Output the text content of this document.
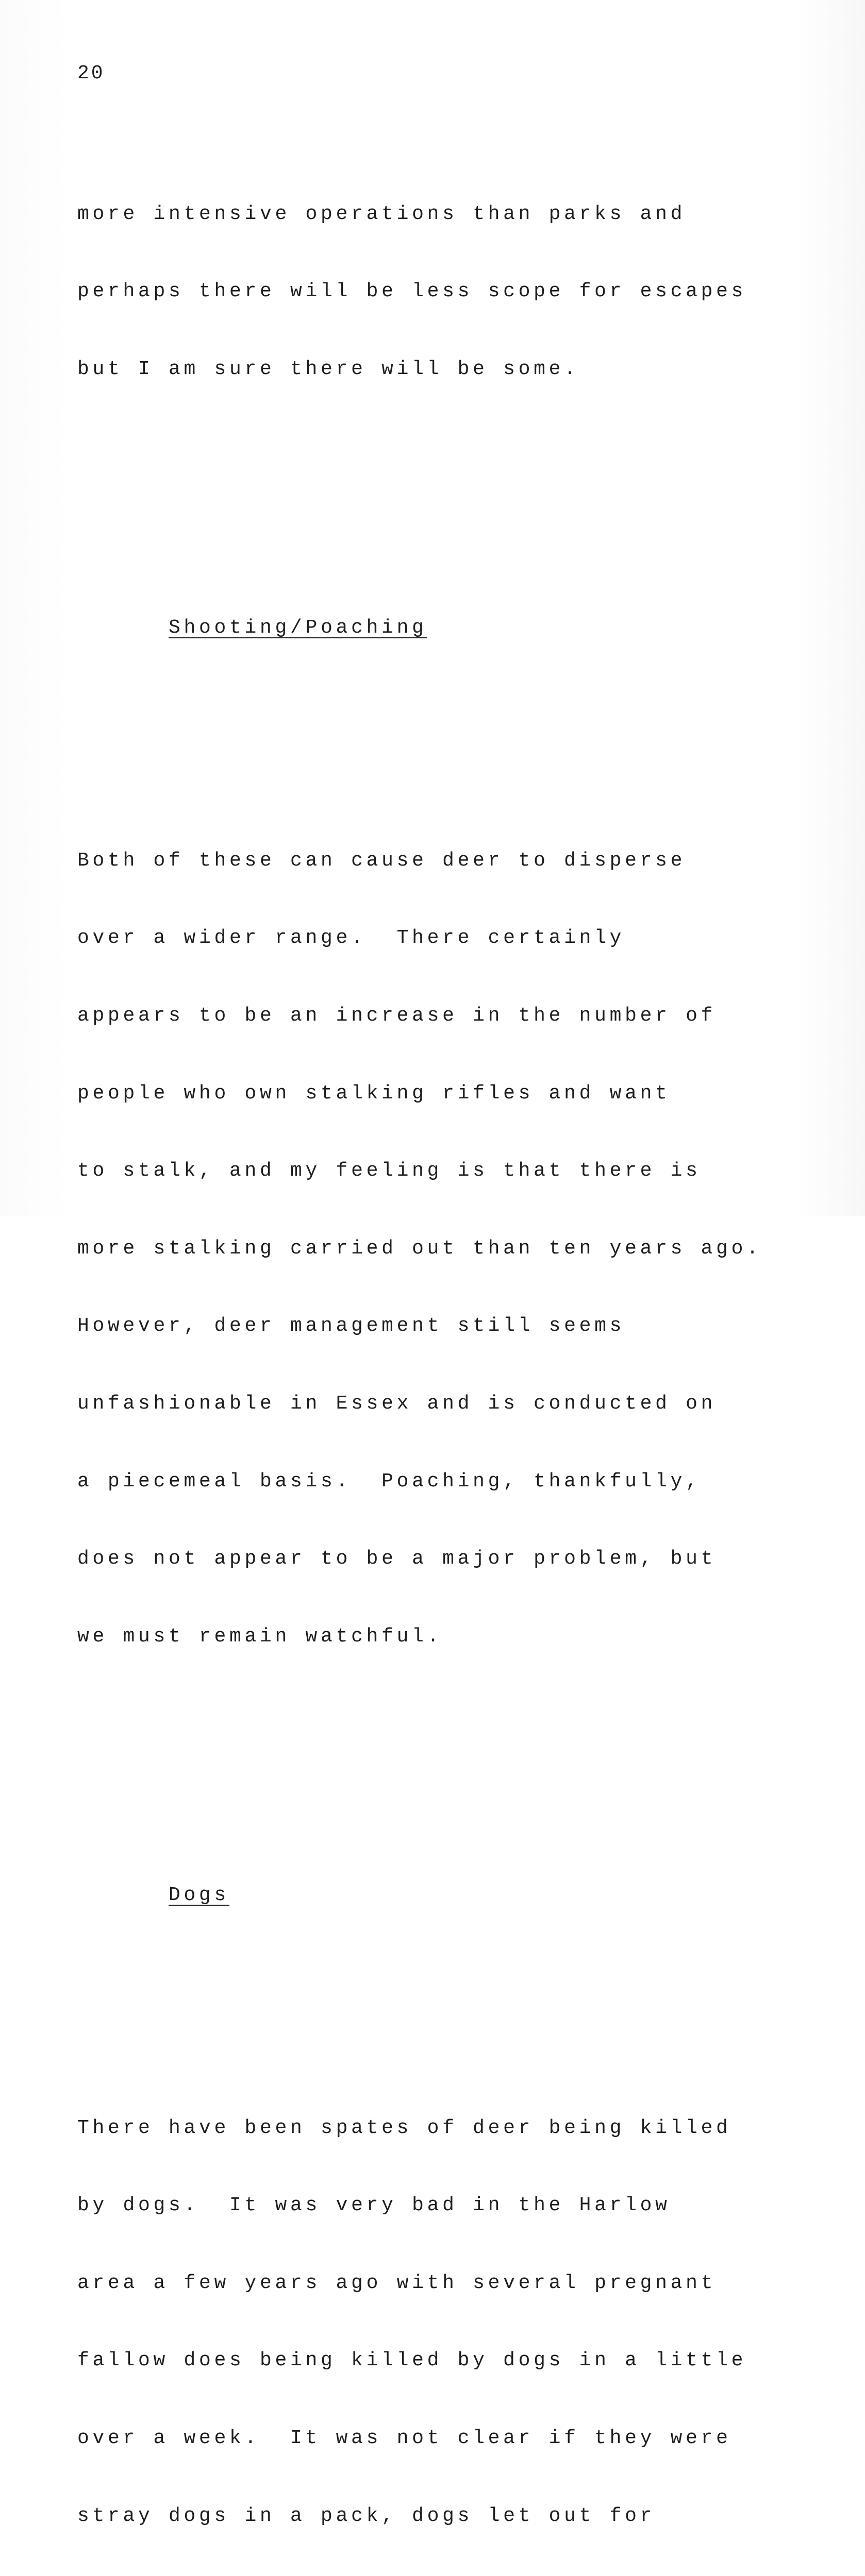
20

more intensive operations than parks and

perhaps there will be less scope for escapes

but I am sure there will be some.

Shooting/Poaching

Both of these can cause deer to disperse

over a wider range.  There certainly

appears to be an increase in the number of

people who own stalking rifles and want

to stalk, and my feeling is that there is

more stalking carried out than ten years ago.

However, deer management still seems

unfashionable in Essex and is conducted on

a piecemeal basis.  Poaching, thankfully,

does not appear to be a major problem, but

we must remain watchful.

Dogs

There have been spates of deer being killed

by dogs.  It was very bad in the Harlow

area a few years ago with several pregnant

fallow does being killed by dogs in a little

over a week.  It was not clear if they were

stray dogs in a pack, dogs let out for
